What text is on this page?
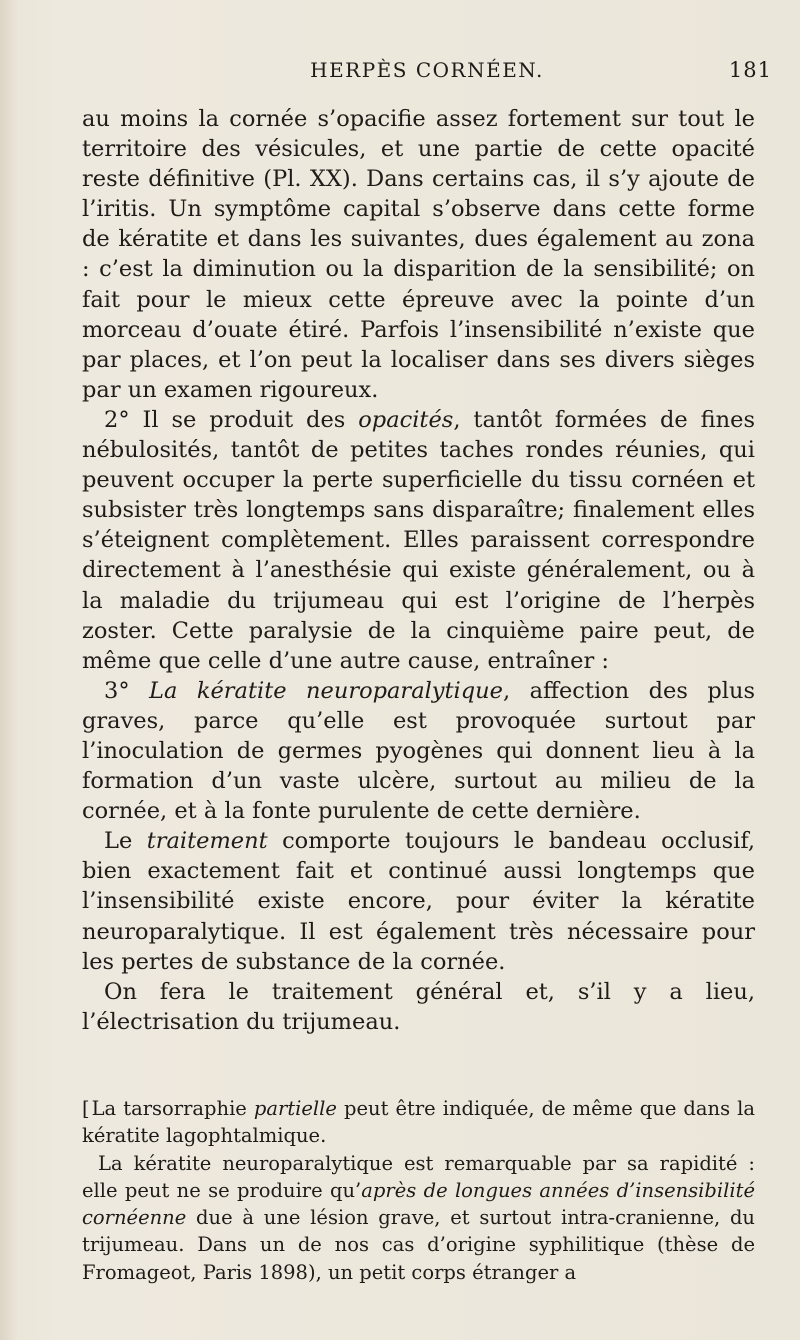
HERPÈS CORNÉEN.	181

au moins la cornée s’opacifie assez fortement sur tout le territoire des vésicules, et une partie de cette opacité reste définitive (Pl. XX). Dans certains cas, il s’y ajoute de l’iritis. Un symptôme capital s’observe dans cette forme de kératite et dans les suivantes, dues également au zona : c’est la diminution ou la disparition de la sensibilité; on fait pour le mieux cette épreuve avec la pointe d’un morceau d’ouate étiré. Parfois l’insensibilité n’existe que par places, et l’on peut la localiser dans ses divers sièges par un examen rigoureux.

2° Il se produit des opacités, tantôt formées de fines nébulosités, tantôt de petites taches rondes réunies, qui peuvent occuper la perte superficielle du tissu cornéen et subsister très longtemps sans disparaître; finalement elles s’éteignent complètement. Elles paraissent correspondre directement à l’anesthésie qui existe généralement, ou à la maladie du trijumeau qui est l’origine de l’herpès zoster. Cette paralysie de la cinquième paire peut, de même que celle d’une autre cause, entraîner :

3° La kératite neuroparalytique, affection des plus graves, parce qu’elle est provoquée surtout par l’inoculation de germes pyogènes qui donnent lieu à la formation d’un vaste ulcère, surtout au milieu de la cornée, et à la fonte purulente de cette dernière.

Le traitement comporte toujours le bandeau occlusif, bien exactement fait et continué aussi longtemps que l’insensibilité existe encore, pour éviter la kératite neuroparalytique. Il est également très nécessaire pour les pertes de substance de la cornée.

On fera le traitement général et, s’il y a lieu, l’électrisation du trijumeau.

[ La tarsorraphie partielle peut être indiquée, de même que dans la kératite lagophtalmique.

La kératite neuroparalytique est remarquable par sa rapidité : elle peut ne se produire qu’après de longues années d’insensibilité cornéenne due à une lésion grave, et surtout intra-cranienne, du trijumeau. Dans un de nos cas d’origine syphilitique (thèse de Fromageot, Paris 1898), un petit corps étranger a
